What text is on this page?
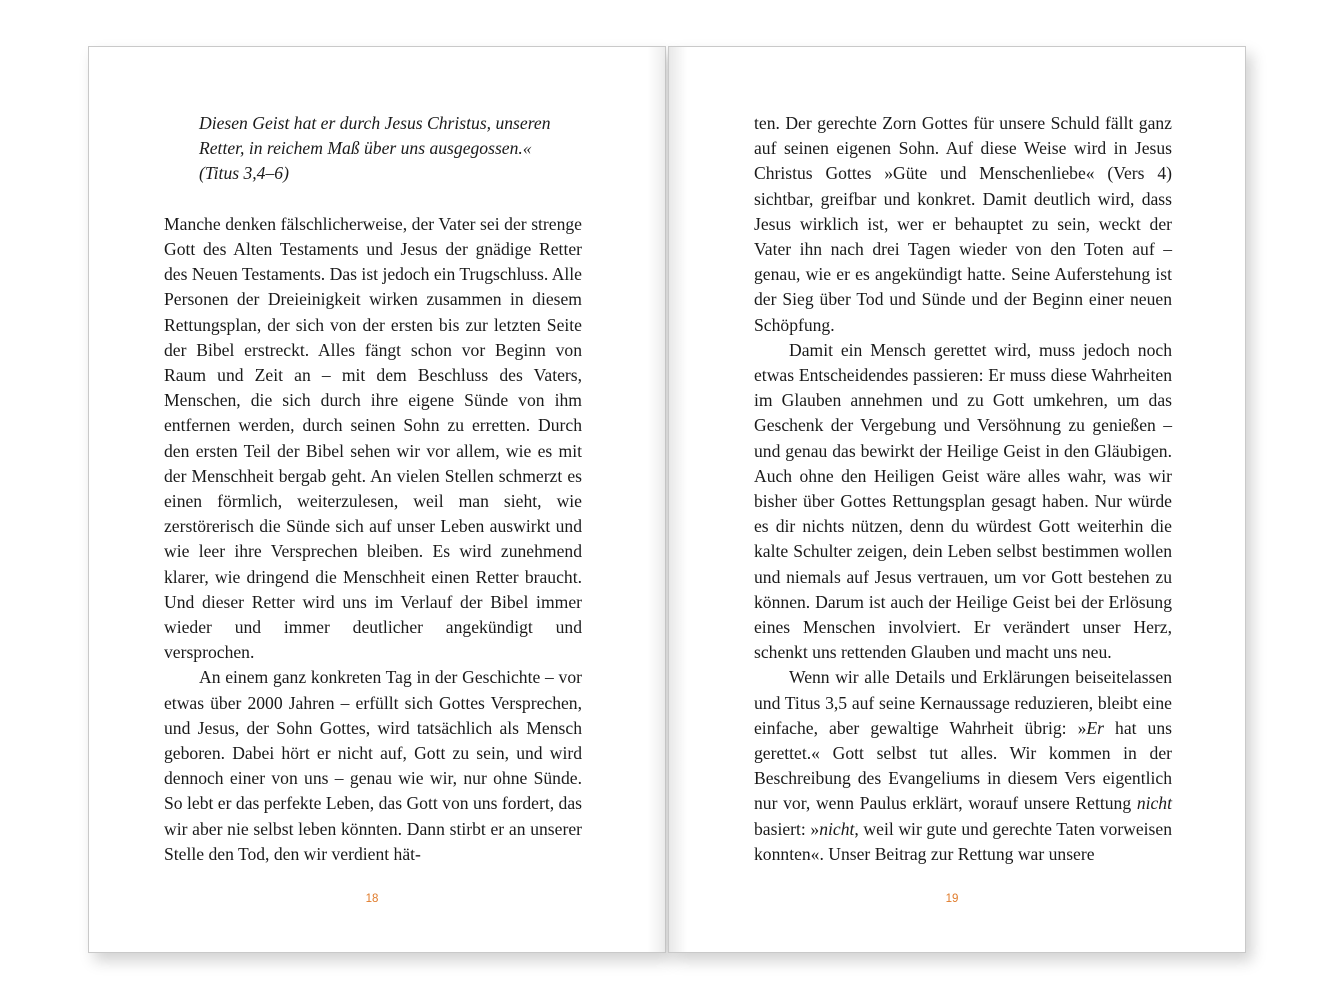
Diesen Geist hat er durch Jesus Christus, unseren
Retter, in reichem Maß über uns ausgegossen.«
(Titus 3,4–6)

Manche denken fälschlicherweise, der Vater sei der strenge Gott des Alten Testaments und Jesus der gnädige Retter des Neuen Testaments. Das ist jedoch ein Trugschluss. Alle Personen der Dreieinigkeit wirken zusammen in diesem Rettungsplan, der sich von der ersten bis zur letzten Seite der Bibel erstreckt. Alles fängt schon vor Beginn von Raum und Zeit an – mit dem Beschluss des Vaters, Menschen, die sich durch ihre eigene Sünde von ihm entfernen werden, durch seinen Sohn zu erretten. Durch den ersten Teil der Bibel sehen wir vor allem, wie es mit der Menschheit bergab geht. An vielen Stellen schmerzt es einen förmlich, weiterzulesen, weil man sieht, wie zerstörerisch die Sünde sich auf unser Leben auswirkt und wie leer ihre Versprechen bleiben. Es wird zunehmend klarer, wie dringend die Menschheit einen Retter braucht. Und dieser Retter wird uns im Verlauf der Bibel immer wieder und immer deutlicher angekündigt und versprochen.

An einem ganz konkreten Tag in der Geschichte – vor etwas über 2000 Jahren – erfüllt sich Gottes Versprechen, und Jesus, der Sohn Gottes, wird tatsächlich als Mensch geboren. Dabei hört er nicht auf, Gott zu sein, und wird dennoch einer von uns – genau wie wir, nur ohne Sünde. So lebt er das perfekte Leben, das Gott von uns fordert, das wir aber nie selbst leben könnten. Dann stirbt er an unserer Stelle den Tod, den wir verdient hät-

18

ten. Der gerechte Zorn Gottes für unsere Schuld fällt ganz auf seinen eigenen Sohn. Auf diese Weise wird in Jesus Christus Gottes »Güte und Menschenliebe« (Vers 4) sichtbar, greifbar und konkret. Damit deutlich wird, dass Jesus wirklich ist, wer er behauptet zu sein, weckt der Vater ihn nach drei Tagen wieder von den Toten auf – genau, wie er es angekündigt hatte. Seine Auferstehung ist der Sieg über Tod und Sünde und der Beginn einer neuen Schöpfung.

Damit ein Mensch gerettet wird, muss jedoch noch etwas Entscheidendes passieren: Er muss diese Wahrheiten im Glauben annehmen und zu Gott umkehren, um das Geschenk der Vergebung und Versöhnung zu genießen – und genau das bewirkt der Heilige Geist in den Gläubigen. Auch ohne den Heiligen Geist wäre alles wahr, was wir bisher über Gottes Rettungsplan gesagt haben. Nur würde es dir nichts nützen, denn du würdest Gott weiterhin die kalte Schulter zeigen, dein Leben selbst bestimmen wollen und niemals auf Jesus vertrauen, um vor Gott bestehen zu können. Darum ist auch der Heilige Geist bei der Erlösung eines Menschen involviert. Er verändert unser Herz, schenkt uns rettenden Glauben und macht uns neu.

Wenn wir alle Details und Erklärungen beiseitelassen und Titus 3,5 auf seine Kernaussage reduzieren, bleibt eine einfache, aber gewaltige Wahrheit übrig: »Er hat uns gerettet.« Gott selbst tut alles. Wir kommen in der Beschreibung des Evangeliums in diesem Vers eigentlich nur vor, wenn Paulus erklärt, worauf unsere Rettung nicht basiert: »nicht, weil wir gute und gerechte Taten vorweisen konnten«. Unser Beitrag zur Rettung war unsere

19
